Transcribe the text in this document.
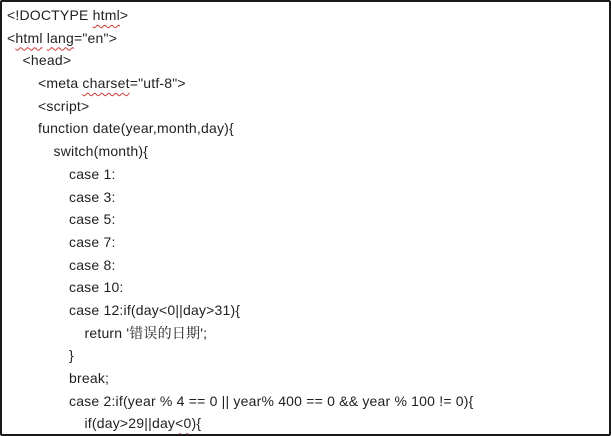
<!DOCTYPE html>
<html lang="en">
<head>
<meta charset="utf-8">
<script>
function date(year,month,day){
switch(month){
case 1:
case 3:
case 5:
case 7:
case 8:
case 10:
case 12:if(day<0||day>31){
return '错误的日期';
}
break;
case 2:if(year % 4 == 0 || year% 400 == 0 && year % 100 != 0){
if(day>29||day<0){
